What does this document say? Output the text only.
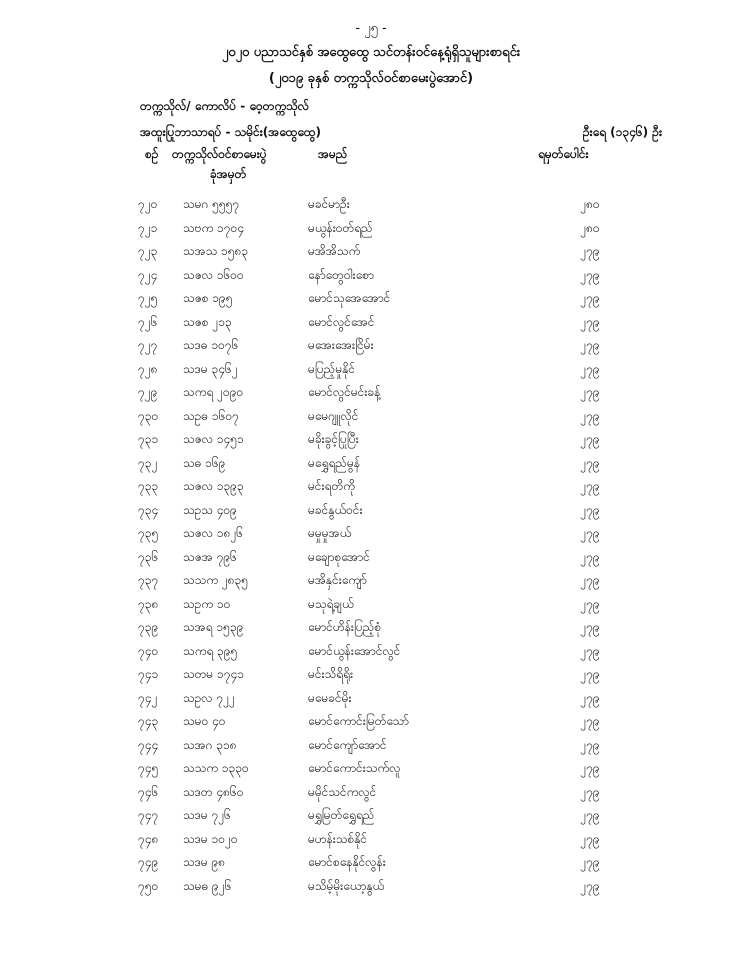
- ၂၅ -
၂၀၂၀ ပညာသင်နှစ် အထွေထွေ သင်တန်းဝင်နေ့ရုံရှိသူများစာရင်း
(၂၀၁၉ ခုနှစ် တက္ကသိုလ်ဝင်စာမေးပွဲအောင်)
တက္ကသိုလ်/ ကောလိပ် - ဝေ့တက္ကသိုလ်
အထူးပြုဘာသာရပ် - သမိုင်း(အထွေထွေ)	ဦးရေ (၁၃၄၆) ဦး
စဉ် တက္ကသိုလ်ဝင်စာမေးပွဲ
ခုံအမှတ်
အမည်	ရမှတ်ပေါင်း
၇၂၀ သမဂ ၅၅၅၇	မခင်မာဦး	၂၈၀
၇၂၁ သဗက ၁၇၀၄	မယွန်းဝတ်ရည်	၂၈၀
၇၂၃ သအသ ၁၅၈၃	မအိအိသက်	၂၇၉
၇၂၄ သဇလ ၁၆၀၀	နော်တွေဝါးစော	၂၇၉
၇၂၅ သဇစ ၁၉၅	မောင်သုအေအောင်	၂၇၉
၇၂၆ သဇစ ၂၁၃	မောင်လွင်အေင်	၂၇၉
၇၂၇ သဒဓ ၁၀၇၆	မအေးအေးငြိမ်း	၂၇၉
၇၂၈ သဒမ ၃၄၆၂	မပြည့်မှုနိုင်	၂၇၉
၇၂၉ သကရ ၂၀၉၀	မောင်လွင်မင်းခန့်	၂၇၉
၇၃၀ သဥဓ ၁၆၀၇	မမေဂျူလိုင်	၂၇၉
၇၃၁ သဇလ ၁၄၅၁	မခိုးခွင့်ပြုပြီး	၂၇၉
၇၃၂ သဓ ၁၆၉	မရွှေရည်မွန်	၂၇၉
၇၃၃ သဇလ ၁၃၉၃	မင်းရတိကို	၂၇၉
၇၃၄ သဥသ ၄၀၉	မခင်နွယ်ဝင်း	၂၇၉
၇၃၅ သဇလ ၁၈၂၆	မမှုမှုအယ်	၂၇၉
၇၃၆ သဇအ ၇၉၆	မချောစုအောင်	၂၇၉
၇၃၇ သသက ၂၈၃၅	မအိနှင်းကျော်	၂၇၉
၇၃၈ သဥက ၁၀	မသုရဲ့ချယ်	၂၇၉
၇၃၉ သအရ ၁၅၃၉	မောင်ဟိန်းပြည့်စုံ	၂၇၉
၇၄၀ သကရ ၃၉၅	မောင်ယွန်းအောင်လွင်	၂၇၉
၇၄၁ သတမ ၁၇၄၁	မင်းသိရိရိုး	၂၇၉
၇၄၂ သဥလ ၇၂၂	မမေခင်မိုး	၂၇၉
၇၄၃ သမဝ ၄၀	မောင်ကောင်းမြတ်သော်	၂၇၉
၇၄၄ သအဂ ၃၁၈	မောင်ကျော်အောင်	၂၇၉
၇၄၅ သသက ၁၃၃၀	မောင်ကောင်းသက်လူ	၂၇၉
၇၄၆ သဒတ ၄၈၆၀	မမိုင်သင်ကလွင်	၂၇၉
၇၄၇ သဒမ ၇၂၆	မရွှမြတ်ရွှေရည်	၂၇၉
၇၄၈ သဒမ ၁၀၂၀	မဟန်းသစ်နိုင်	၂၇၉
၇၄၉ သဒမ ၉၈	မောင်စနေနိုင်လွန်း	၂၇၉
၇၅၀ သမဓ ၉၂၆	မသိမ့်မိုးယော့နွယ်	၂၇၉
